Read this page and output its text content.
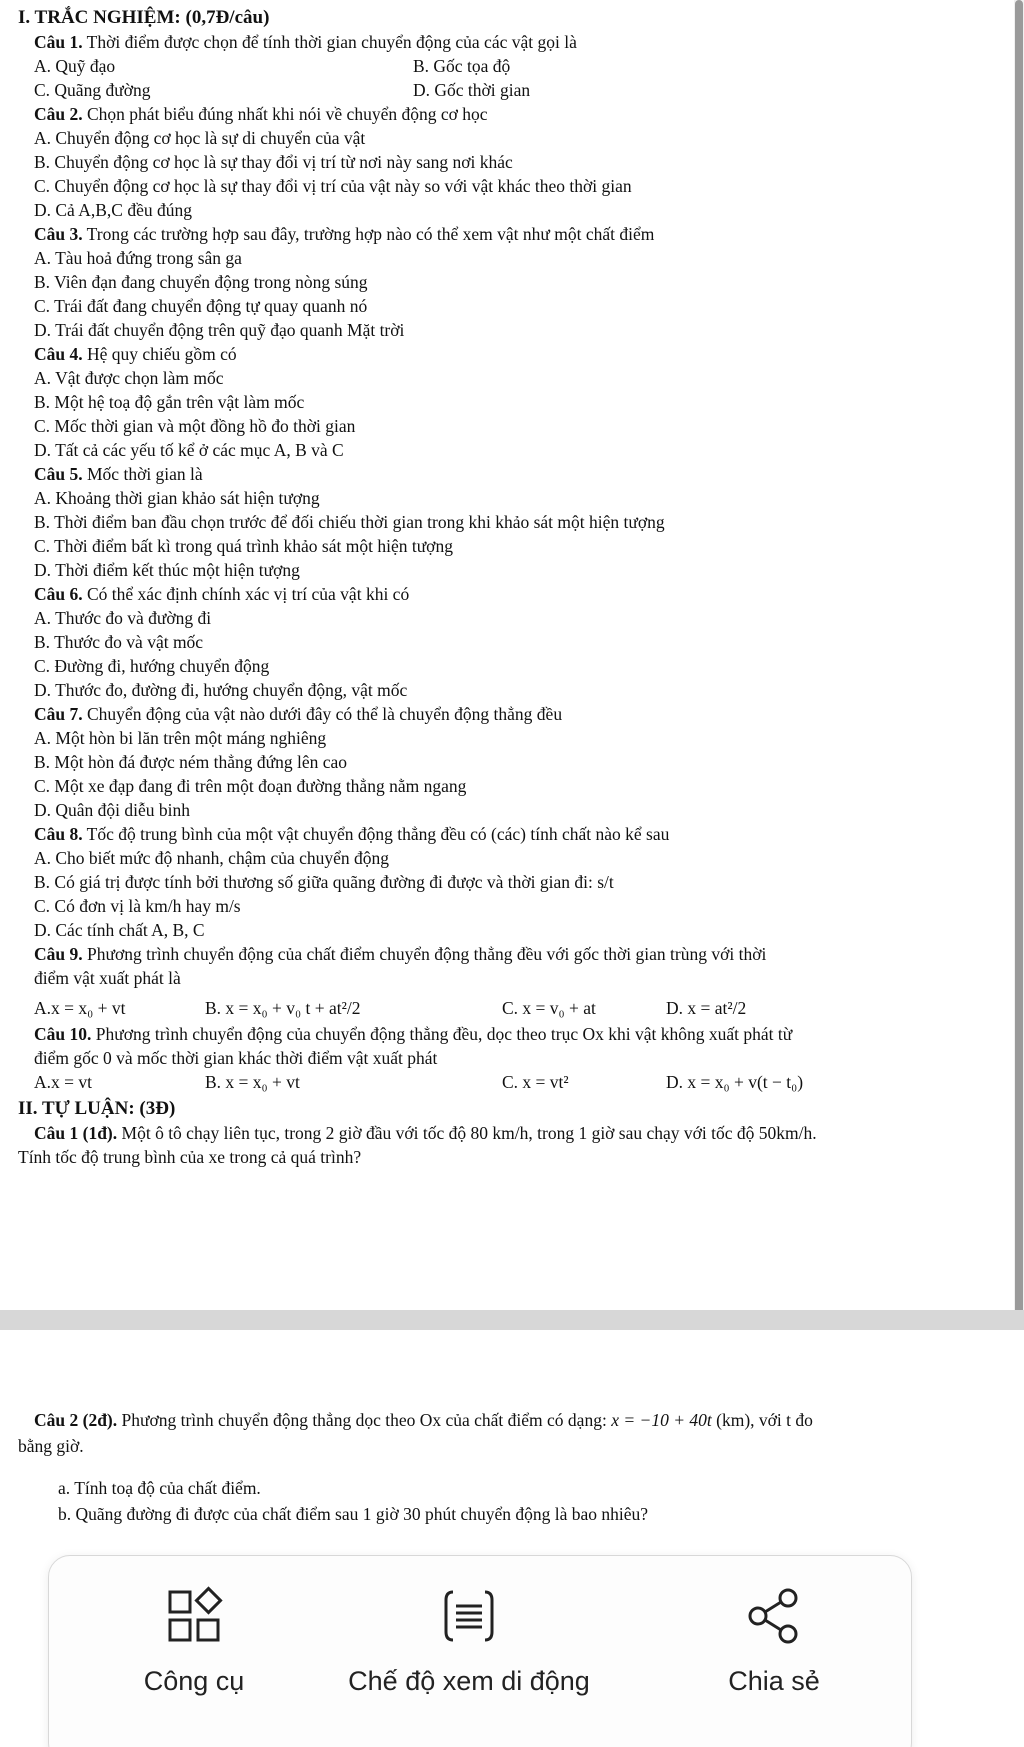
I. TRẮC NGHIỆM: (0,7Đ/câu)
Câu 1. Thời điểm được chọn để tính thời gian chuyển động của các vật gọi là
A. Quỹ đạo	B. Gốc tọa độ
C. Quãng đường	D. Gốc thời gian
Câu 2. Chọn phát biểu đúng nhất khi nói về chuyển động cơ học
A. Chuyển động cơ học là sự di chuyển của vật
B. Chuyển động cơ học là sự thay đổi vị trí từ nơi này sang nơi khác
C. Chuyển động cơ học là sự thay đổi vị trí của vật này so với vật khác theo thời gian
D. Cả A,B,C đều đúng
Câu 3. Trong các trường hợp sau đây, trường hợp nào có thể xem vật như một chất điểm
A. Tàu hoả đứng trong sân ga
B. Viên đạn đang chuyển động trong nòng súng
C. Trái đất đang chuyển động tự quay quanh nó
D. Trái đất chuyển động trên quỹ đạo quanh Mặt trời
Câu 4. Hệ quy chiếu gồm có
A. Vật được chọn làm mốc
B. Một hệ toạ độ gắn trên vật làm mốc
C. Mốc thời gian và một đồng hồ đo thời gian
D. Tất cả các yếu tố kể ở các mục A, B và C
Câu 5. Mốc thời gian là
A. Khoảng thời gian khảo sát hiện tượng
B. Thời điểm ban đầu chọn trước để đối chiếu thời gian trong khi khảo sát một hiện tượng
C. Thời điểm bất kì trong quá trình khảo sát một hiện tượng
D. Thời điểm kết thúc một hiện tượng
Câu 6. Có thể xác định chính xác vị trí của vật khi có
A. Thước đo và đường đi
B. Thước đo và vật mốc
C. Đường đi, hướng chuyển động
D. Thước đo, đường đi, hướng chuyển động, vật mốc
Câu 7. Chuyển động của vật nào dưới đây có thể là chuyển động thẳng đều
A. Một hòn bi lăn trên một máng nghiêng
B. Một hòn đá được ném thẳng đứng lên cao
C. Một xe đạp đang đi trên một đoạn đường thẳng nằm ngang
D. Quân đội diễu binh
Câu 8. Tốc độ trung bình của một vật chuyển động thẳng đều có (các) tính chất nào kể sau
A. Cho biết mức độ nhanh, chậm của chuyển động
B. Có giá trị được tính bởi thương số giữa quãng đường đi được và thời gian đi: s/t
C. Có đơn vị là km/h hay m/s
D. Các tính chất A, B, C
Câu 9. Phương trình chuyển động của chất điểm chuyển động thẳng đều với gốc thời gian trùng với thời
điểm vật xuất phát là
A.x = x₀ + vt	B. x = x₀ + v₀ t + at²/2	C. x = v₀ + at	D. x = at²/2
Câu 10. Phương trình chuyển động của chuyển động thẳng đều, dọc theo trục Ox khi vật không xuất phát từ
điểm gốc 0 và mốc thời gian khác thời điểm vật xuất phát
A.x = vt	B. x = x₀ + vt	C. x = vt²	D. x = x₀ + v(t − t₀)
II. TỰ LUẬN: (3Đ)
Câu 1 (1đ). Một ô tô chạy liên tục, trong 2 giờ đầu với tốc độ 80 km/h, trong 1 giờ sau chạy với tốc độ 50km/h.
Tính tốc độ trung bình của xe trong cả quá trình?
Câu 2 (2đ). Phương trình chuyển động thẳng dọc theo Ox của chất điểm có dạng: x = −10 + 40t (km), với t đo
bằng giờ.
a. Tính toạ độ của chất điểm.
b. Quãng đường đi được của chất điểm sau 1 giờ 30 phút chuyển động là bao nhiêu?
Công cụ	Chế độ xem di động	Chia sẻ
